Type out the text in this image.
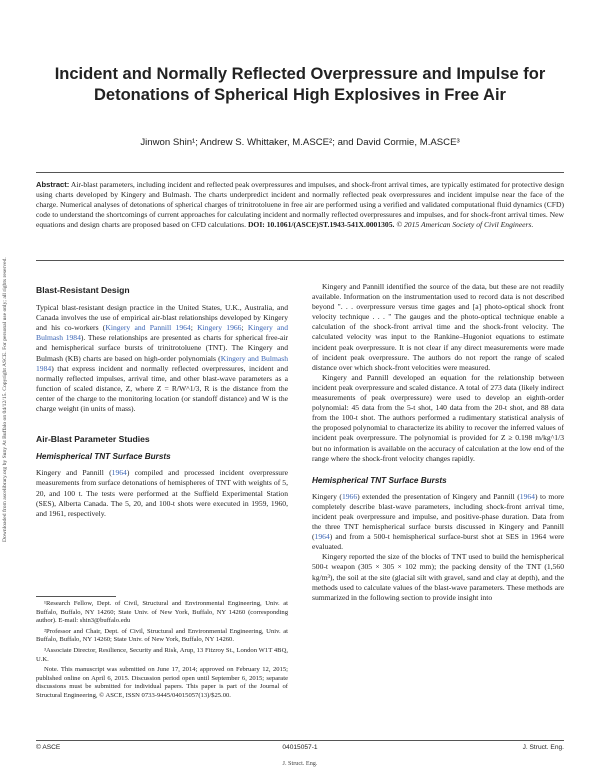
Downloaded from ascelibrary.org by Suny At Buffalo on 04/12/15. Copyright ASCE. For personal use only; all rights reserved.
Incident and Normally Reflected Overpressure and Impulse for Detonations of Spherical High Explosives in Free Air
Jinwon Shin¹; Andrew S. Whittaker, M.ASCE²; and David Cormie, M.ASCE³
Abstract: Air-blast parameters, including incident and reflected peak overpressures and impulses, and shock-front arrival times, are typically estimated for protective design using charts developed by Kingery and Bulmash. The charts underpredict incident and normally reflected peak overpressures and incident impulse near the face of the charge. Numerical analyses of detonations of spherical charges of trinitrotoluene in free air are performed using a verified and validated computational fluid dynamics (CFD) code to understand the shortcomings of current approaches for calculating incident and normally reflected overpressures and impulses, and for shock-front arrival times. New equations and design charts are proposed based on CFD calculations. DOI: 10.1061/(ASCE)ST.1943-541X.0001305. © 2015 American Society of Civil Engineers.
Blast-Resistant Design

Typical blast-resistant design practice in the United States, U.K., Australia, and Canada involves the use of empirical air-blast relationships developed by Kingery and his co-workers (Kingery and Pannill 1964; Kingery 1966; Kingery and Bulmash 1984). These relationships are presented as charts for spherical free-air and hemispherical surface bursts of trinitrotoluene (TNT). The Kingery and Bulmash (KB) charts are based on high-order polynomials (Kingery and Bulmash 1984) that express incident and normally reflected overpressures, incident and normally reflected impulses, arrival time, and other blast-wave parameters as a function of scaled distance, Z, where Z = R/W^1/3, R is the distance from the center of the charge to the monitoring location (or standoff distance) and W is the charge weight (in units of mass).

Air-Blast Parameter Studies
Hemispherical TNT Surface Bursts

Kingery and Pannill (1964) compiled and processed incident overpressure measurements from surface detonations of hemispheres of TNT with weights of 5, 20, and 100 t. The tests were performed at the Suffield Experimental Station (SES), Alberta Canada. The 5, 20, and 100-t shots were executed in 1959, 1960, and 1961, respectively.

¹Research Fellow, Dept. of Civil, Structural and Environmental Engineering, Univ. at Buffalo, Buffalo, NY 14260; State Univ. of New York, Buffalo, NY 14260 (corresponding author). E-mail: shin3@buffalo.edu

²Professor and Chair, Dept. of Civil, Structural and Environmental Engineering, Univ. at Buffalo, Buffalo, NY 14260; State Univ. of New York, Buffalo, NY 14260.

³Associate Director, Resilience, Security and Risk, Arup, 13 Fitzroy St., London W1T 4BQ, U.K.

Note. This manuscript was submitted on June 17, 2014; approved on February 12, 2015; published online on April 6, 2015. Discussion period open until September 6, 2015; separate discussions must be submitted for individual papers. This paper is part of the Journal of Structural Engineering, © ASCE, ISSN 0733-9445/04015057(13)/$25.00.

Kingery and Pannill identified the source of the data, but these are not readily available. Information on the instrumentation used to record data is not described beyond ". . . overpressure versus time gages and [a] photo-optical shock front velocity technique . . . " The gauges and the photo-optical technique enable a calculation of the shock-front arrival time and the shock-front velocity. The calculated velocity was input to the Rankine–Hugoniot equations to estimate incident peak overpressure. It is not clear if any direct measurements were made of incident peak overpressure. The authors do not report the range of scaled distance over which shock-front velocities were measured.

Kingery and Pannill developed an equation for the relationship between incident peak overpressure and scaled distance. A total of 273 data (likely indirect measurements of peak overpressure) were used to develop an eighth-order polynomial: 45 data from the 5-t shot, 140 data from the 20-t shot, and 88 data from the 100-t shot. The authors performed a rudimentary statistical analysis of the proposed polynomial to characterize its ability to recover the inferred values of incident peak overpressure. The polynomial is provided for Z ≥ 0.198 m/kg^1/3 but no information is available on the accuracy of calculation at the low end of the range where the shock-front velocity changes rapidly.

Hemispherical TNT Surface Bursts

Kingery (1966) extended the presentation of Kingery and Pannill (1964) to more completely describe blast-wave parameters, including shock-front arrival time, incident peak overpressure and impulse, and positive-phase duration. Data from the three TNT hemispherical surface bursts discussed in Kingery and Pannill (1964) and from a 500-t hemispherical surface-burst shot at SES in 1964 were evaluated.

Kingery reported the size of the blocks of TNT used to build the hemispherical 500-t weapon (305 × 305 × 102 mm); the packing density of the TNT (1,560 kg/m³), the soil at the site (glacial silt with gravel, sand and clay at depth), and the methods used to calculate values of the blast-wave parameters. These methods are summarized in the following section to provide insight into

© ASCE	04015057-1	J. Struct. Eng.
J. Struct. Eng.
